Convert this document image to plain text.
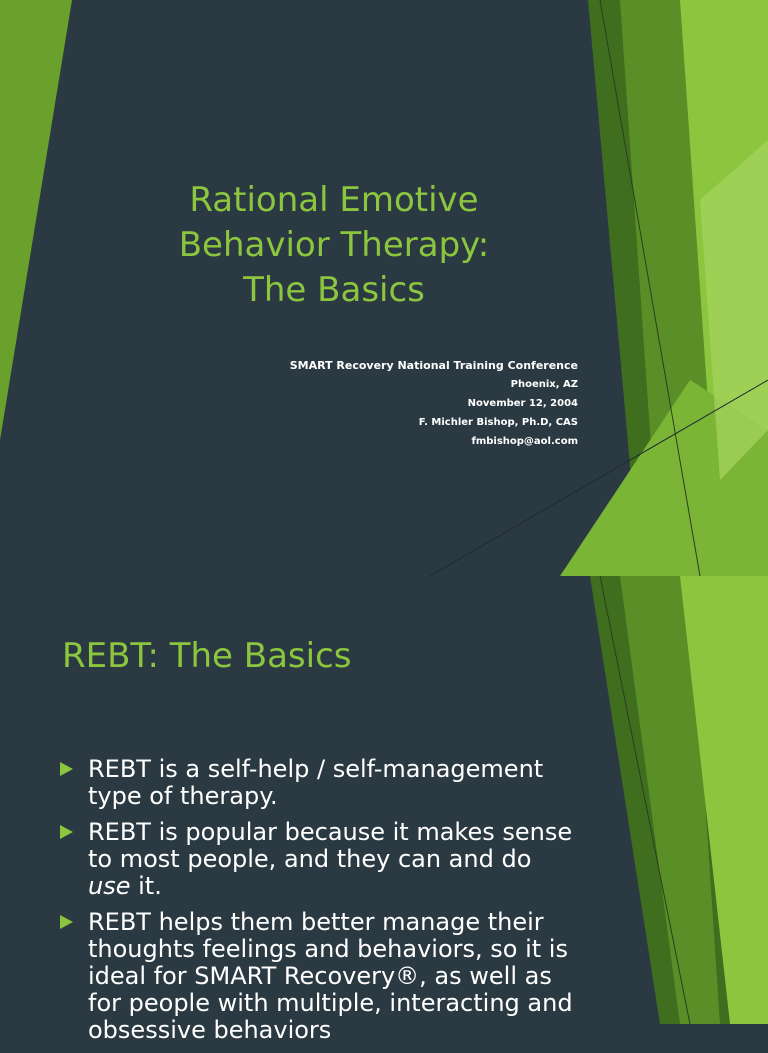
Rational Emotive
Behavior Therapy:
The Basics
SMART Recovery National Training Conference
Phoenix, AZ
November 12, 2004
F. Michler Bishop, Ph.D, CAS
fmbishop@aol.com
REBT: The Basics
REBT is a self-help / self-management type of therapy.
REBT is popular because it makes sense to most people, and they can and do use it.
REBT helps them better manage their thoughts feelings and behaviors, so it is ideal for SMART Recovery®, as well as for people with multiple, interacting and obsessive behaviors
